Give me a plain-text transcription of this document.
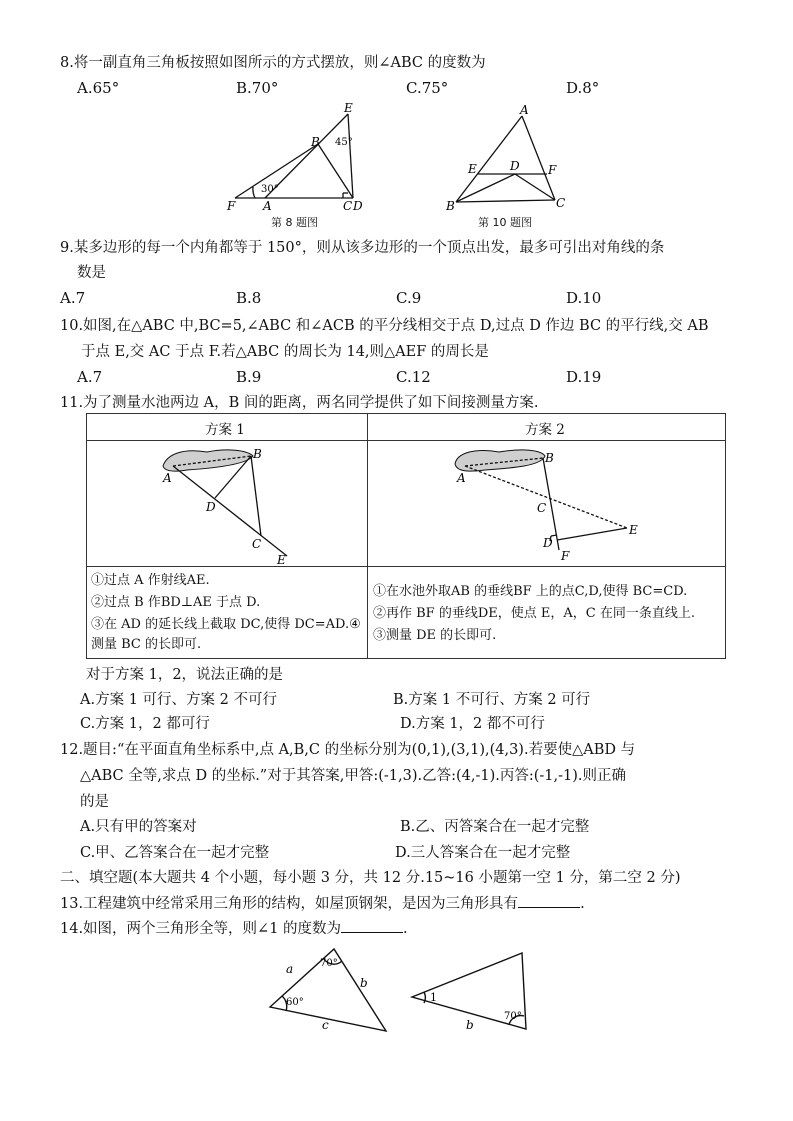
8.将一副直角三角板按照如图所示的方式摆放，则∠ABC 的度数为
A.65°	B.70°	C.75°	D.8°
E
B
F A	C D
45°
30°
第 8 题图
A
E	D F
B	C
第 10 题图
9.某多边形的每一个内角都等于 150°，则从该多边形的一个顶点出发，最多可引出对角线的条
数是
A.7	B.8	C.9	D.10
10.如图,在△ABC 中,BC=5,∠ABC 和∠ACB 的平分线相交于点 D,过点 D 作边 BC 的平行线,交 AB
于点 E,交 AC 于点 F.若△ABC 的周长为 14,则△AEF 的周长是
A.7	B.9	C.12	D.19
11.为了测量水池两边 A，B 间的距离，两名同学提供了如下间接测量方案.
方案 1	方案 2
B
A
D
C
E
B
A
C
D
F
E
①过点 A 作射线AE.
②过点 B 作BD⊥AE 于点 D.
③在 AD 的延长线上截取 DC,使得 DC=AD.④
测量 BC 的长即可.
①在水池外取AB 的垂线BF 上的点C,D,使得 BC=CD.
②再作 BF 的垂线DE，使点 E，A，C 在同一条直线上.
③测量 DE 的长即可.
对于方案 1，2，说法正确的是
A.方案 1 可行、方案 2 不可行	B.方案 1 不可行、方案 2 可行
C.方案 1，2 都可行	D.方案 1，2 都不可行
12.题目:“在平面直角坐标系中,点 A,B,C 的坐标分别为(0,1),(3,1),(4,3).若要使△ABD 与
△ABC 全等,求点 D 的坐标.”对于其答案,甲答:(-1,3).乙答:(4,-1).丙答:(-1,-1).则正确
的是
A.只有甲的答案对	B.乙、丙答案合在一起才完整
C.甲、乙答案合在一起才完整	D.三人答案合在一起才完整
二、填空题(本大题共 4 个小题，每小题 3 分，共 12 分.15~16 小题第一空 1 分，第二空 2 分)
13.工程建筑中经常采用三角形的结构，如屋顶钢架，是因为三角形具有	.
14.如图，两个三角形全等，则∠1 的度数为	.
70°
60°
a
b
c
1
b
70°
